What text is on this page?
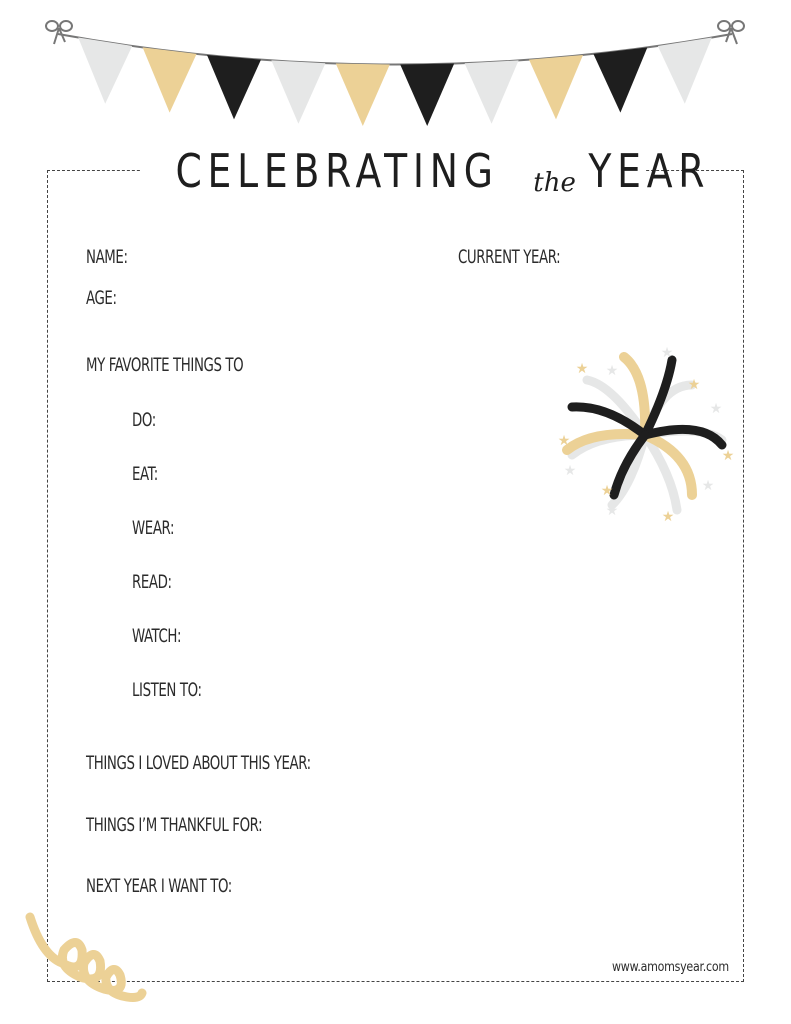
CELEBRATING the YEAR
NAME:	CURRENT YEAR:
AGE:
MY FAVORITE THINGS TO
DO:
EAT:
WEAR:
READ:
WATCH:
LISTEN TO:
THINGS I LOVED ABOUT THIS YEAR:
THINGS I’M THANKFUL FOR:
NEXT YEAR I WANT TO:
★ ★
★
★
★
★
★
★
★	★
★
★
www.amomsyear.com
